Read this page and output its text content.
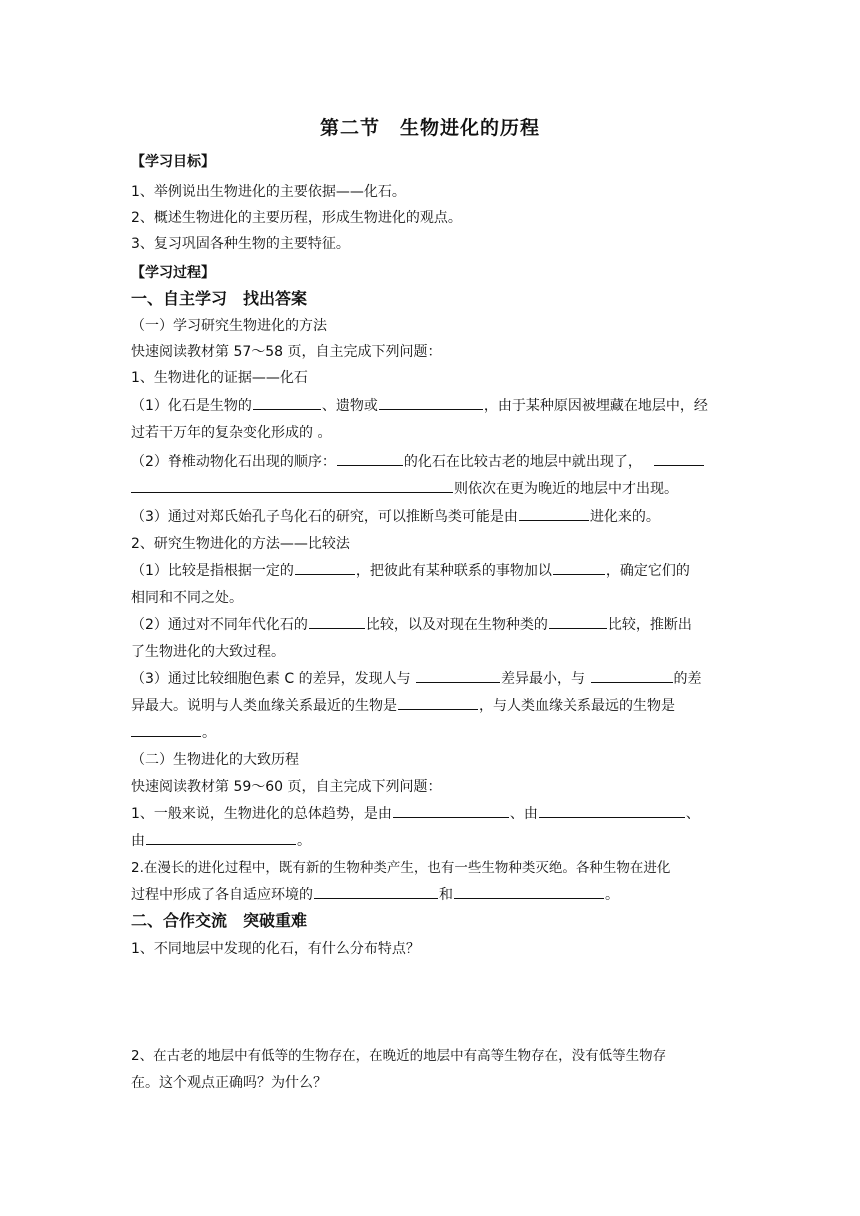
第二节　生物进化的历程
【学习目标】
1、举例说出生物进化的主要依据——化石。
2、概述生物进化的主要历程，形成生物进化的观点。
3、复习巩固各种生物的主要特征。
【学习过程】
一、自主学习　找出答案
（一）学习研究生物进化的方法
快速阅读教材第 57～58 页，自主完成下列问题：
1、生物进化的证据——化石
（1）化石是生物的	、遗物或	，由于某种原因被埋藏在地层中，经
过若干万年的复杂变化形成的 。
（2）脊椎动物化石出现的顺序：	的化石在比较古老的地层中就出现了，
则依次在更为晚近的地层中才出现。
（3）通过对郑氏始孔子鸟化石的研究，可以推断鸟类可能是由	进化来的。
2、研究生物进化的方法——比较法
（1）比较是指根据一定的	，把彼此有某种联系的事物加以	，确定它们的
相同和不同之处。
（2）通过对不同年代化石的	比较，以及对现在生物种类的	比较，推断出
了生物进化的大致过程。
（3）通过比较细胞色素 C 的差异，发现人与	差异最小，与	的差
异最大。说明与人类血缘关系最近的生物是	，与人类血缘关系最远的生物是
。
（二）生物进化的大致历程
快速阅读教材第 59～60 页，自主完成下列问题：
1、一般来说，生物进化的总体趋势，是由	、由	、
由	。
2.在漫长的进化过程中，既有新的生物种类产生，也有一些生物种类灭绝。各种生物在进化
过程中形成了各自适应环境的	和	。
二、合作交流　突破重难
1、不同地层中发现的化石，有什么分布特点？
2、在古老的地层中有低等的生物存在，在晚近的地层中有高等生物存在，没有低等生物存
在。这个观点正确吗？为什么？
